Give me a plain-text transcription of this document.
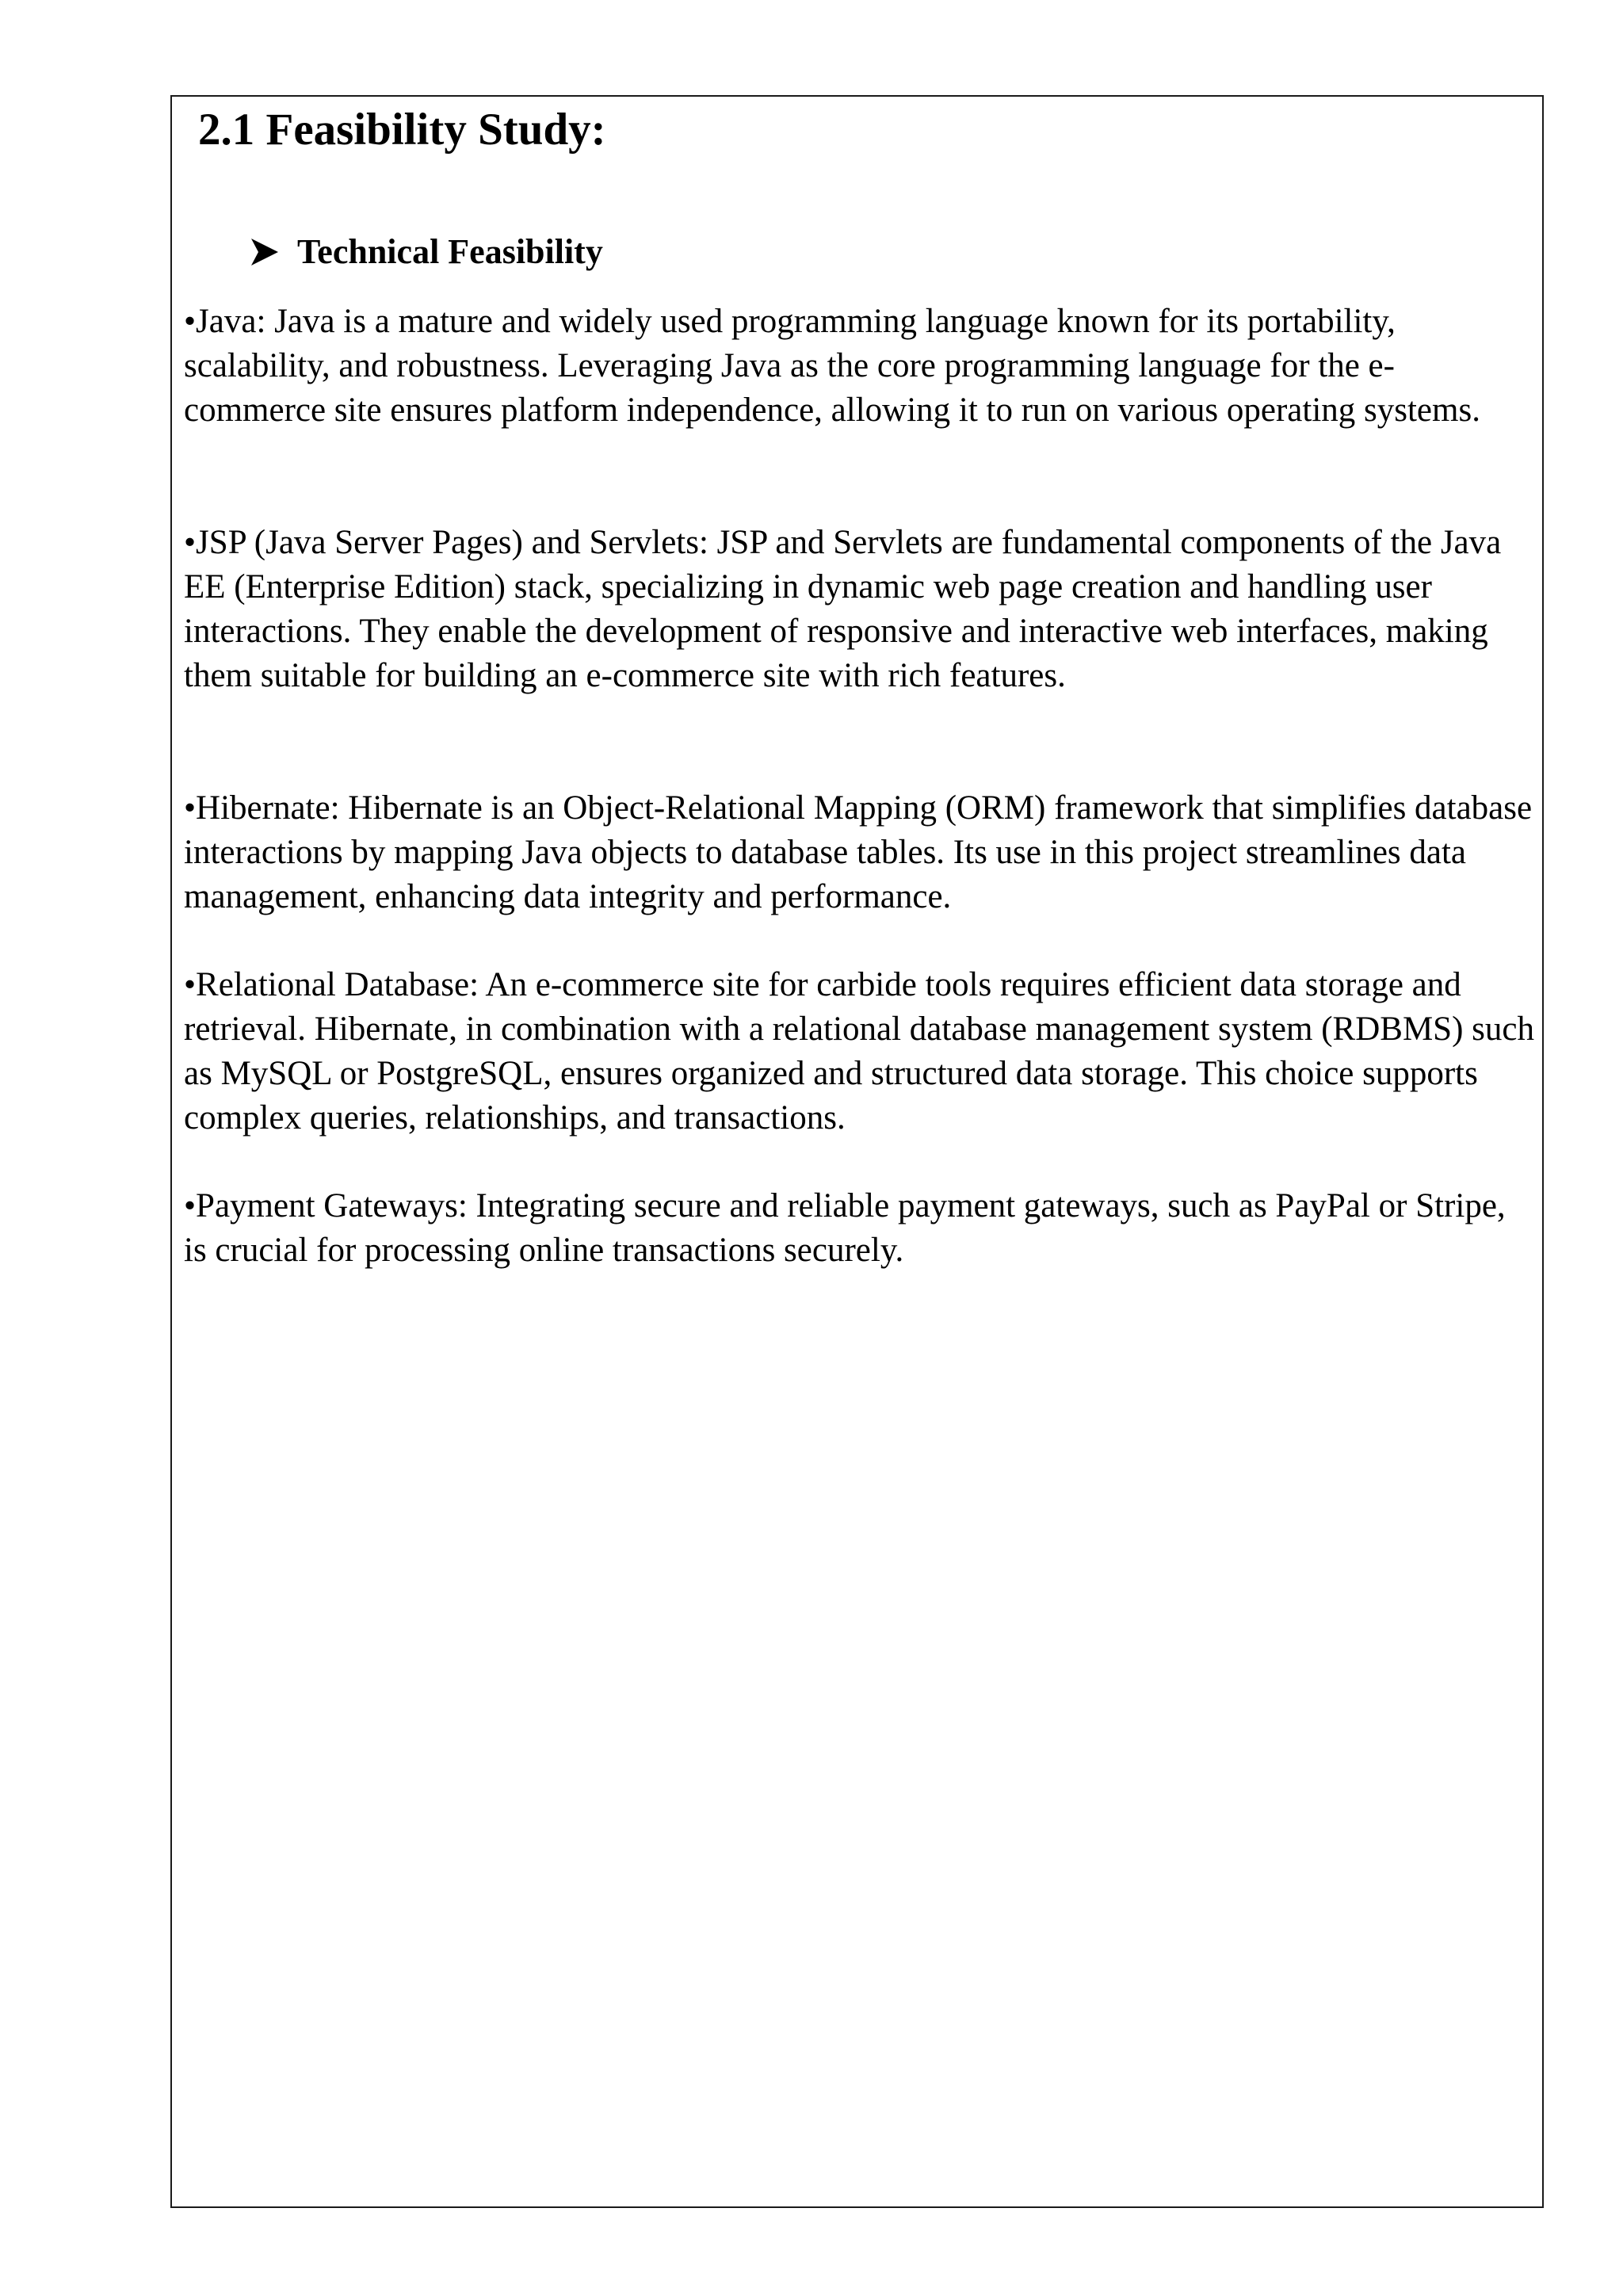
2.1 Feasibility Study:
Technical Feasibility

•Java: Java is a mature and widely used programming language known for its portability, scalability, and robustness. Leveraging Java as the core programming language for the e-commerce site ensures platform independence, allowing it to run on various operating systems.

•JSP (Java Server Pages) and Servlets: JSP and Servlets are fundamental components of the Java EE (Enterprise Edition) stack, specializing in dynamic web page creation and handling user interactions. They enable the development of responsive and interactive web interfaces, making them suitable for building an e-commerce site with rich features.

•Hibernate: Hibernate is an Object-Relational Mapping (ORM) framework that simplifies database interactions by mapping Java objects to database tables. Its use in this project streamlines data management, enhancing data integrity and performance.

•Relational Database: An e-commerce site for carbide tools requires efficient data storage and retrieval. Hibernate, in combination with a relational database management system (RDBMS) such as MySQL or PostgreSQL, ensures organized and structured data storage. This choice supports complex queries, relationships, and transactions.

•Payment Gateways: Integrating secure and reliable payment gateways, such as PayPal or Stripe, is crucial for processing online transactions securely.
